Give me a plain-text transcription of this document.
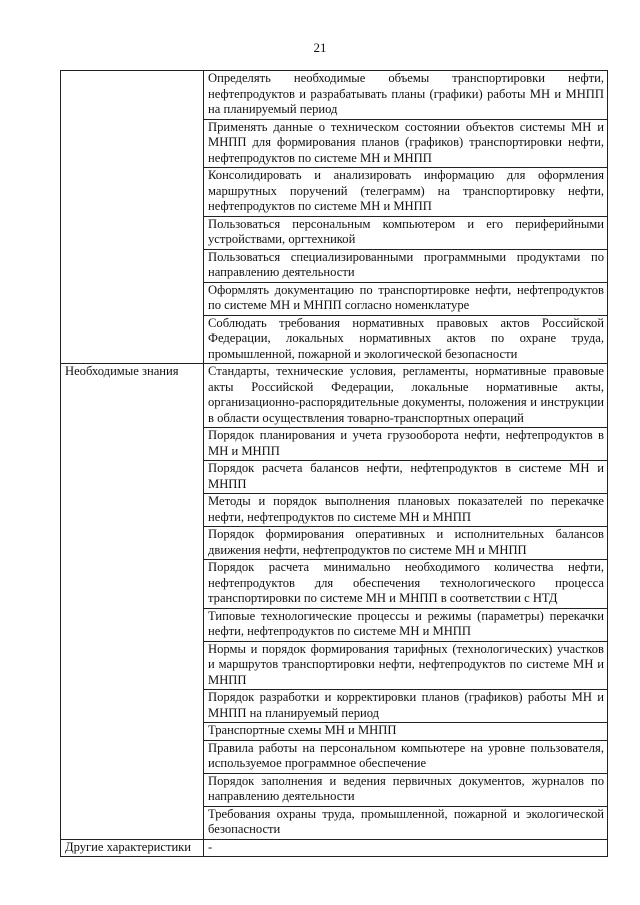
21
	Определять необходимые объемы транспортировки нефти, нефтепродуктов и разрабатывать планы (графики) работы МН и МНПП на планируемый период
	Применять данные о техническом состоянии объектов системы МН и МНПП для формирования планов (графиков) транспортировки нефти, нефтепродуктов по системе МН и МНПП
	Консолидировать и анализировать информацию для оформления маршрутных поручений (телеграмм) на транспортировку нефти, нефтепродуктов по системе МН и МНПП
	Пользоваться персональным компьютером и его периферийными устройствами, оргтехникой
	Пользоваться специализированными программными продуктами по направлению деятельности
	Оформлять документацию по транспортировке нефти, нефтепродуктов по системе МН и МНПП согласно номенклатуре
	Соблюдать требования нормативных правовых актов Российской Федерации, локальных нормативных актов по охране труда, промышленной, пожарной и экологической безопасности

Необходимые знания	Стандарты, технические условия, регламенты, нормативные правовые акты Российской Федерации, локальные нормативные акты, организационно-распорядительные документы, положения и инструкции в области осуществления товарно-транспортных операций
	Порядок планирования и учета грузооборота нефти, нефтепродуктов в МН и МНПП
	Порядок расчета балансов нефти, нефтепродуктов в системе МН и МНПП
	Методы и порядок выполнения плановых показателей по перекачке нефти, нефтепродуктов по системе МН и МНПП
	Порядок формирования оперативных и исполнительных балансов движения нефти, нефтепродуктов по системе МН и МНПП
	Порядок расчета минимально необходимого количества нефти, нефтепродуктов для обеспечения технологического процесса транспортировки по системе МН и МНПП в соответствии с НТД
	Типовые технологические процессы и режимы (параметры) перекачки нефти, нефтепродуктов по системе МН и МНПП
	Нормы и порядок формирования тарифных (технологических) участков и маршрутов транспортировки нефти, нефтепродуктов по системе МН и МНПП
	Порядок разработки и корректировки планов (графиков) работы МН и МНПП на планируемый период
	Транспортные схемы МН и МНПП
	Правила работы на персональном компьютере на уровне пользователя, используемое программное обеспечение
	Порядок заполнения и ведения первичных документов, журналов по направлению деятельности
	Требования охраны труда, промышленной, пожарной и экологической безопасности

Другие характеристики	-
